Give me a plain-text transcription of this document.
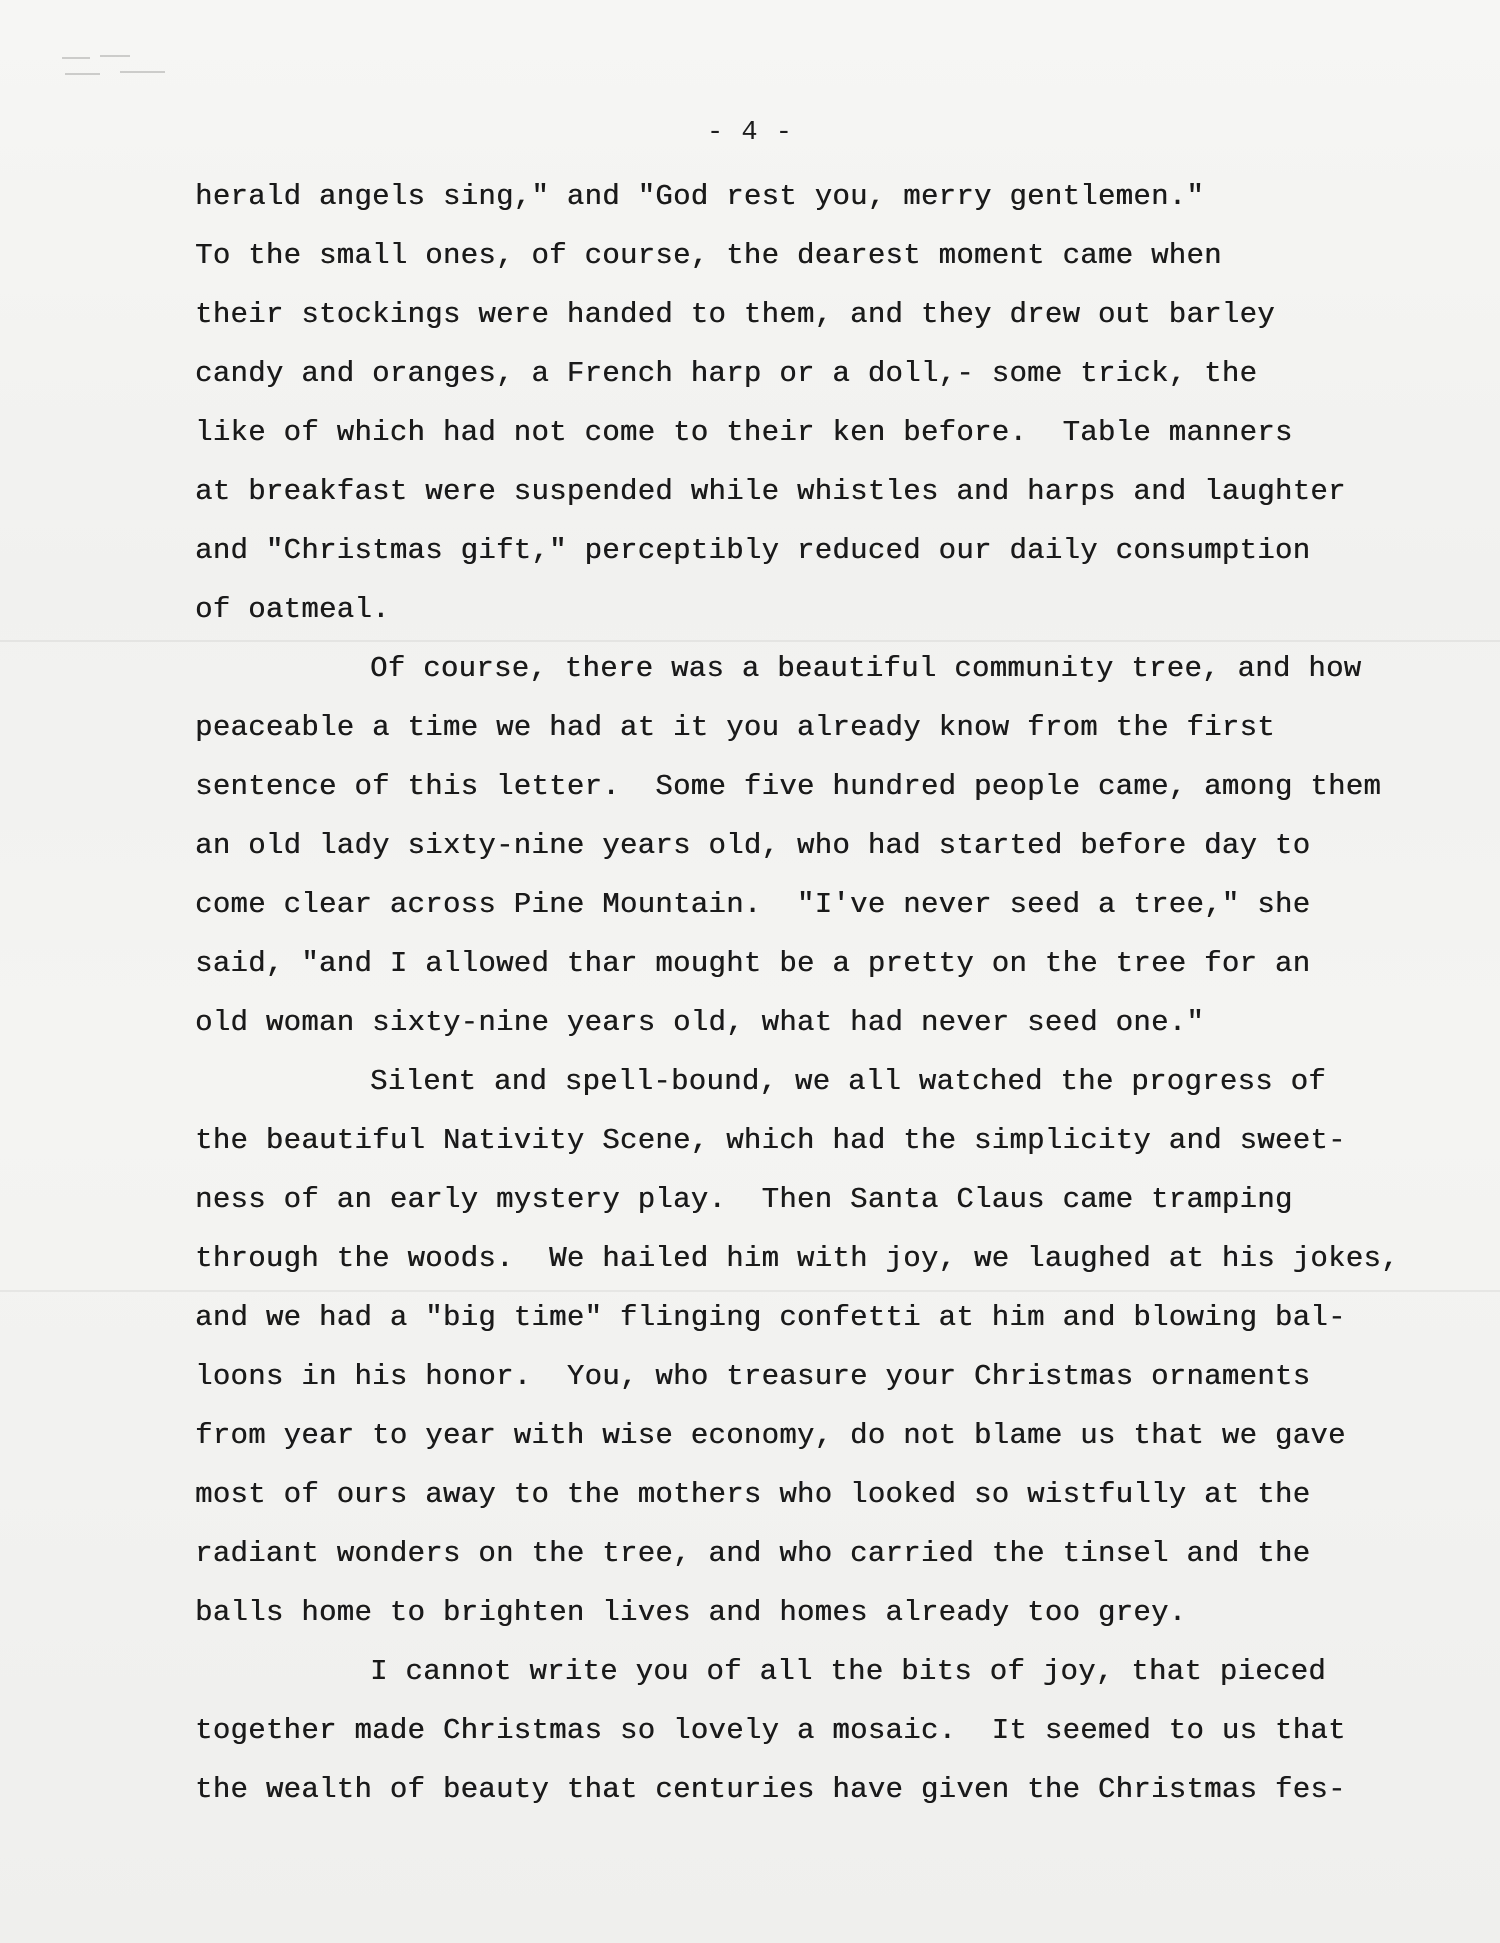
- 4 -
herald angels sing," and "God rest you, merry gentlemen."
To the small ones, of course, the dearest moment came when
their stockings were handed to them, and they drew out barley
candy and oranges, a French harp or a doll,- some trick, the
like of which had not come to their ken before.  Table manners
at breakfast were suspended while whistles and harps and laughter
and "Christmas gift," perceptibly reduced our daily consumption
of oatmeal.
Of course, there was a beautiful community tree, and how
peaceable a time we had at it you already know from the first
sentence of this letter.  Some five hundred people came, among them
an old lady sixty-nine years old, who had started before day to
come clear across Pine Mountain.  "I've never seed a tree," she
said, "and I allowed thar mought be a pretty on the tree for an
old woman sixty-nine years old, what had never seed one."
Silent and spell-bound, we all watched the progress of
the beautiful Nativity Scene, which had the simplicity and sweet-
ness of an early mystery play.  Then Santa Claus came tramping
through the woods.  We hailed him with joy, we laughed at his jokes,
and we had a "big time" flinging confetti at him and blowing bal-
loons in his honor.  You, who treasure your Christmas ornaments
from year to year with wise economy, do not blame us that we gave
most of ours away to the mothers who looked so wistfully at the
radiant wonders on the tree, and who carried the tinsel and the
balls home to brighten lives and homes already too grey.
I cannot write you of all the bits of joy, that pieced
together made Christmas so lovely a mosaic.  It seemed to us that
the wealth of beauty that centuries have given the Christmas fes-
